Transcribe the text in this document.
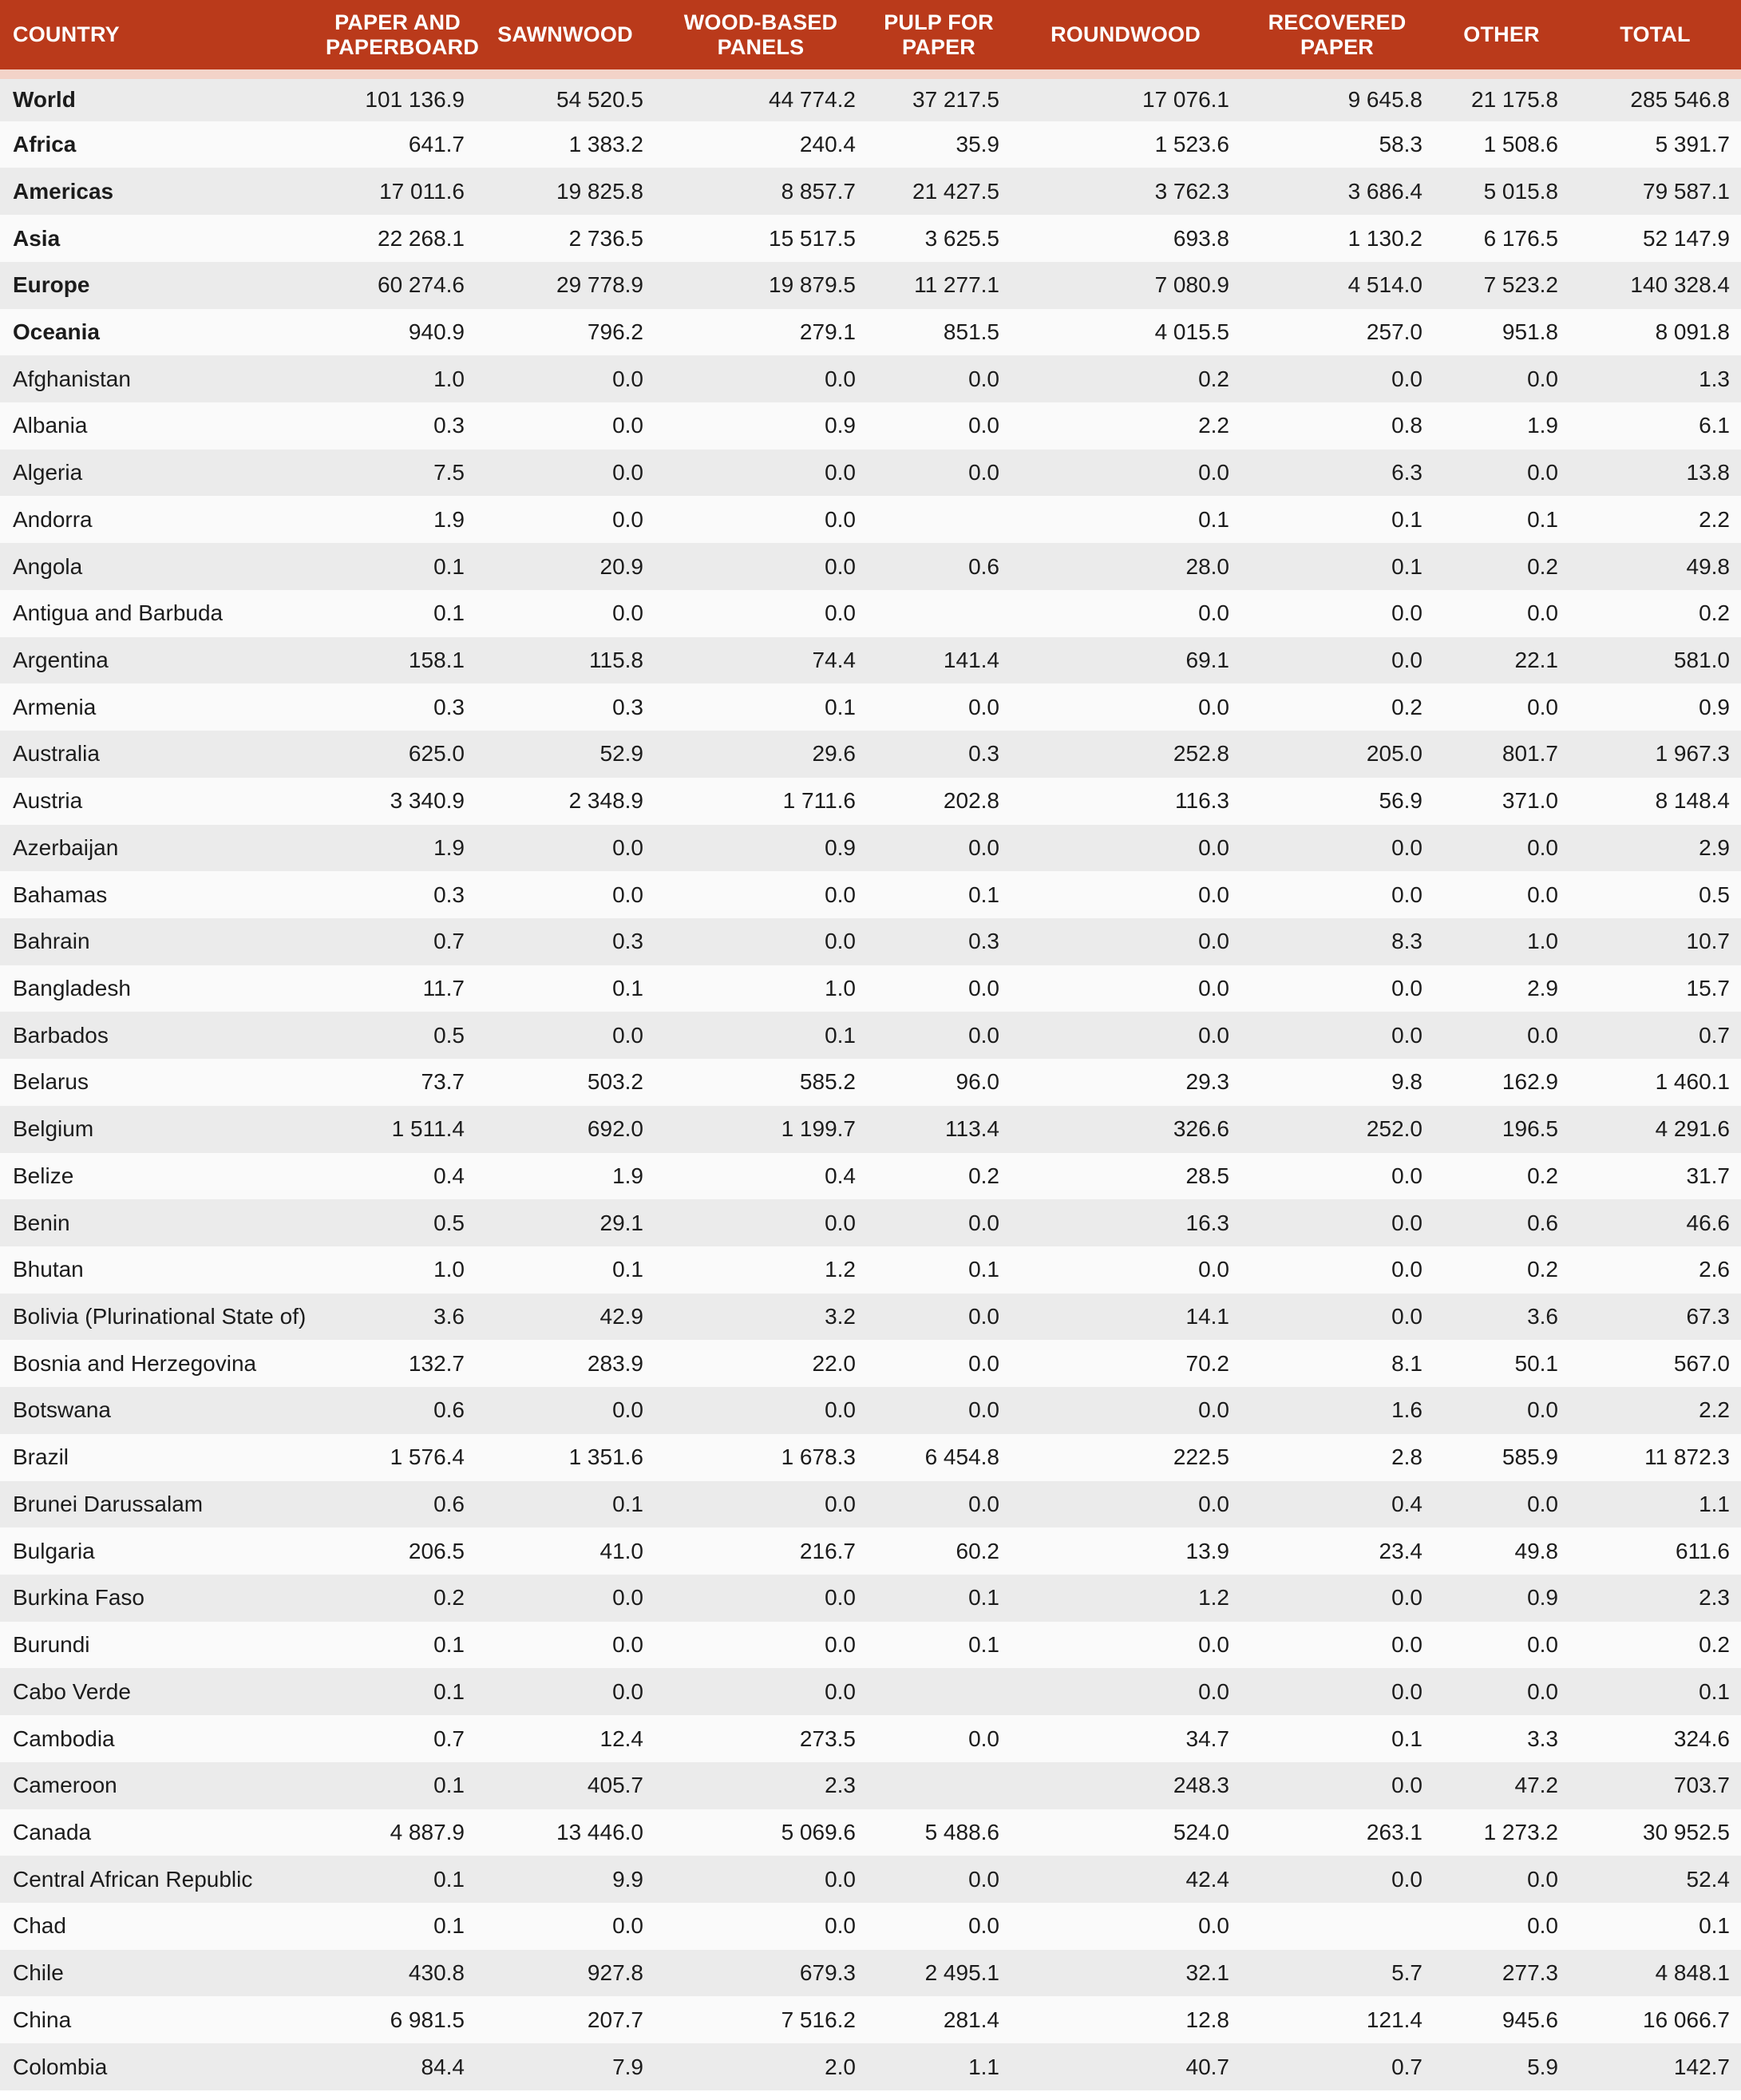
COUNTRY	PAPER AND PAPERBOARD	SAWNWOOD	WOOD-BASED PANELS	PULP FOR PAPER	ROUNDWOOD	RECOVERED PAPER	OTHER	TOTAL
World	101 136.9	54 520.5	44 774.2	37 217.5	17 076.1	9 645.8	21 175.8	285 546.8
Africa	641.7	1 383.2	240.4	35.9	1 523.6	58.3	1 508.6	5 391.7
Americas	17 011.6	19 825.8	8 857.7	21 427.5	3 762.3	3 686.4	5 015.8	79 587.1
Asia	22 268.1	2 736.5	15 517.5	3 625.5	693.8	1 130.2	6 176.5	52 147.9
Europe	60 274.6	29 778.9	19 879.5	11 277.1	7 080.9	4 514.0	7 523.2	140 328.4
Oceania	940.9	796.2	279.1	851.5	4 015.5	257.0	951.8	8 091.8
Afghanistan	1.0	0.0	0.0	0.0	0.2	0.0	0.0	1.3
Albania	0.3	0.0	0.9	0.0	2.2	0.8	1.9	6.1
Algeria	7.5	0.0	0.0	0.0	0.0	6.3	0.0	13.8
Andorra	1.9	0.0	0.0		0.1	0.1	0.1	2.2
Angola	0.1	20.9	0.0	0.6	28.0	0.1	0.2	49.8
Antigua and Barbuda	0.1	0.0	0.0		0.0	0.0	0.0	0.2
Argentina	158.1	115.8	74.4	141.4	69.1	0.0	22.1	581.0
Armenia	0.3	0.3	0.1	0.0	0.0	0.2	0.0	0.9
Australia	625.0	52.9	29.6	0.3	252.8	205.0	801.7	1 967.3
Austria	3 340.9	2 348.9	1 711.6	202.8	116.3	56.9	371.0	8 148.4
Azerbaijan	1.9	0.0	0.9	0.0	0.0	0.0	0.0	2.9
Bahamas	0.3	0.0	0.0	0.1	0.0	0.0	0.0	0.5
Bahrain	0.7	0.3	0.0	0.3	0.0	8.3	1.0	10.7
Bangladesh	11.7	0.1	1.0	0.0	0.0	0.0	2.9	15.7
Barbados	0.5	0.0	0.1	0.0	0.0	0.0	0.0	0.7
Belarus	73.7	503.2	585.2	96.0	29.3	9.8	162.9	1 460.1
Belgium	1 511.4	692.0	1 199.7	113.4	326.6	252.0	196.5	4 291.6
Belize	0.4	1.9	0.4	0.2	28.5	0.0	0.2	31.7
Benin	0.5	29.1	0.0	0.0	16.3	0.0	0.6	46.6
Bhutan	1.0	0.1	1.2	0.1	0.0	0.0	0.2	2.6
Bolivia (Plurinational State of)	3.6	42.9	3.2	0.0	14.1	0.0	3.6	67.3
Bosnia and Herzegovina	132.7	283.9	22.0	0.0	70.2	8.1	50.1	567.0
Botswana	0.6	0.0	0.0	0.0	0.0	1.6	0.0	2.2
Brazil	1 576.4	1 351.6	1 678.3	6 454.8	222.5	2.8	585.9	11 872.3
Brunei Darussalam	0.6	0.1	0.0	0.0	0.0	0.4	0.0	1.1
Bulgaria	206.5	41.0	216.7	60.2	13.9	23.4	49.8	611.6
Burkina Faso	0.2	0.0	0.0	0.1	1.2	0.0	0.9	2.3
Burundi	0.1	0.0	0.0	0.1	0.0	0.0	0.0	0.2
Cabo Verde	0.1	0.0	0.0		0.0	0.0	0.0	0.1
Cambodia	0.7	12.4	273.5	0.0	34.7	0.1	3.3	324.6
Cameroon	0.1	405.7	2.3		248.3	0.0	47.2	703.7
Canada	4 887.9	13 446.0	5 069.6	5 488.6	524.0	263.1	1 273.2	30 952.5
Central African Republic	0.1	9.9	0.0	0.0	42.4	0.0	0.0	52.4
Chad	0.1	0.0	0.0	0.0	0.0		0.0	0.1
Chile	430.8	927.8	679.3	2 495.1	32.1	5.7	277.3	4 848.1
China	6 981.5	207.7	7 516.2	281.4	12.8	121.4	945.6	16 066.7
Colombia	84.4	7.9	2.0	1.1	40.7	0.7	5.9	142.7
